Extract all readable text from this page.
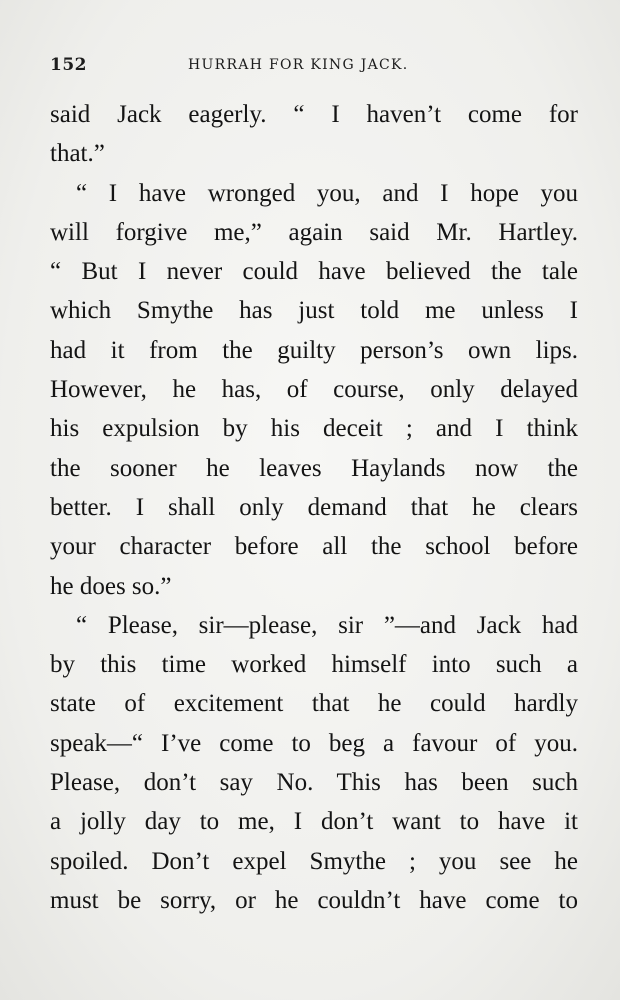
152	HURRAH FOR KING JACK.
said Jack eagerly. “ I haven’t come for
that.”
“ I have wronged you, and I hope you
will forgive me,” again said Mr. Hartley.
“ But I never could have believed the tale
which Smythe has just told me unless I
had it from the guilty person’s own lips.
However, he has, of course, only delayed
his expulsion by his deceit ; and I think
the sooner he leaves Haylands now the
better. I shall only demand that he clears
your character before all the school before
he does so.”
“ Please, sir—please, sir ”—and Jack had
by this time worked himself into such a
state of excitement that he could hardly
speak—“ I’ve come to beg a favour of you.
Please, don’t say No. This has been such
a jolly day to me, I don’t want to have it
spoiled. Don’t expel Smythe ; you see he
must be sorry, or he couldn’t have come to
